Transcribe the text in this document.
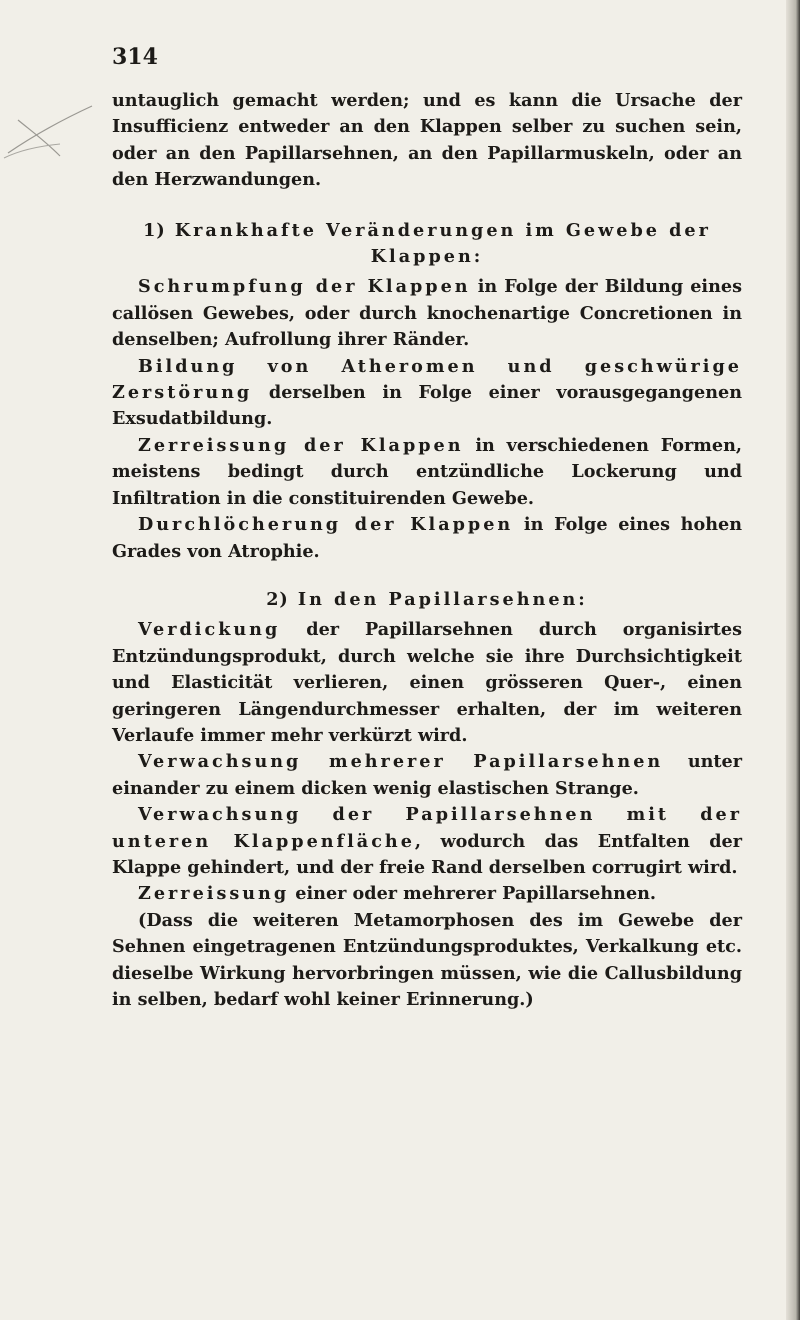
314

untauglich gemacht werden; und es kann die Ursache der Insufficienz entweder an den Klappen selber zu suchen sein, oder an den Papillarsehnen, an den Papillarmuskeln, oder an den Herzwandungen.

1) Krankhafte Veränderungen im Gewebe der Klappen:

Schrumpfung der Klappen in Folge der Bildung eines callösen Gewebes, oder durch knochenartige Concretionen in denselben; Aufrollung ihrer Ränder.

Bildung von Atheromen und geschwürige Zerstörung derselben in Folge einer vorausgegangenen Exsudatbildung.

Zerreissung der Klappen in verschiedenen Formen, meistens bedingt durch entzündliche Lockerung und Infiltration in die constituirenden Gewebe.

Durchlöcherung der Klappen in Folge eines hohen Grades von Atrophie.

2) In den Papillarsehnen:

Verdickung der Papillarsehnen durch organisirtes Entzündungsprodukt, durch welche sie ihre Durchsichtigkeit und Elasticität verlieren, einen grösseren Quer-, einen geringeren Längendurchmesser erhalten, der im weiteren Verlaufe immer mehr verkürzt wird.

Verwachsung mehrerer Papillarsehnen unter einander zu einem dicken wenig elastischen Strange.

Verwachsung der Papillarsehnen mit der unteren Klappenfläche, wodurch das Entfalten der Klappe gehindert, und der freie Rand derselben corrugirt wird.

Zerreissung einer oder mehrerer Papillarsehnen.

(Dass die weiteren Metamorphosen des im Gewebe der Sehnen eingetragenen Entzündungsproduktes, Verkalkung etc. dieselbe Wirkung hervorbringen müssen, wie die Callusbildung in selben, bedarf wohl keiner Erinnerung.)
